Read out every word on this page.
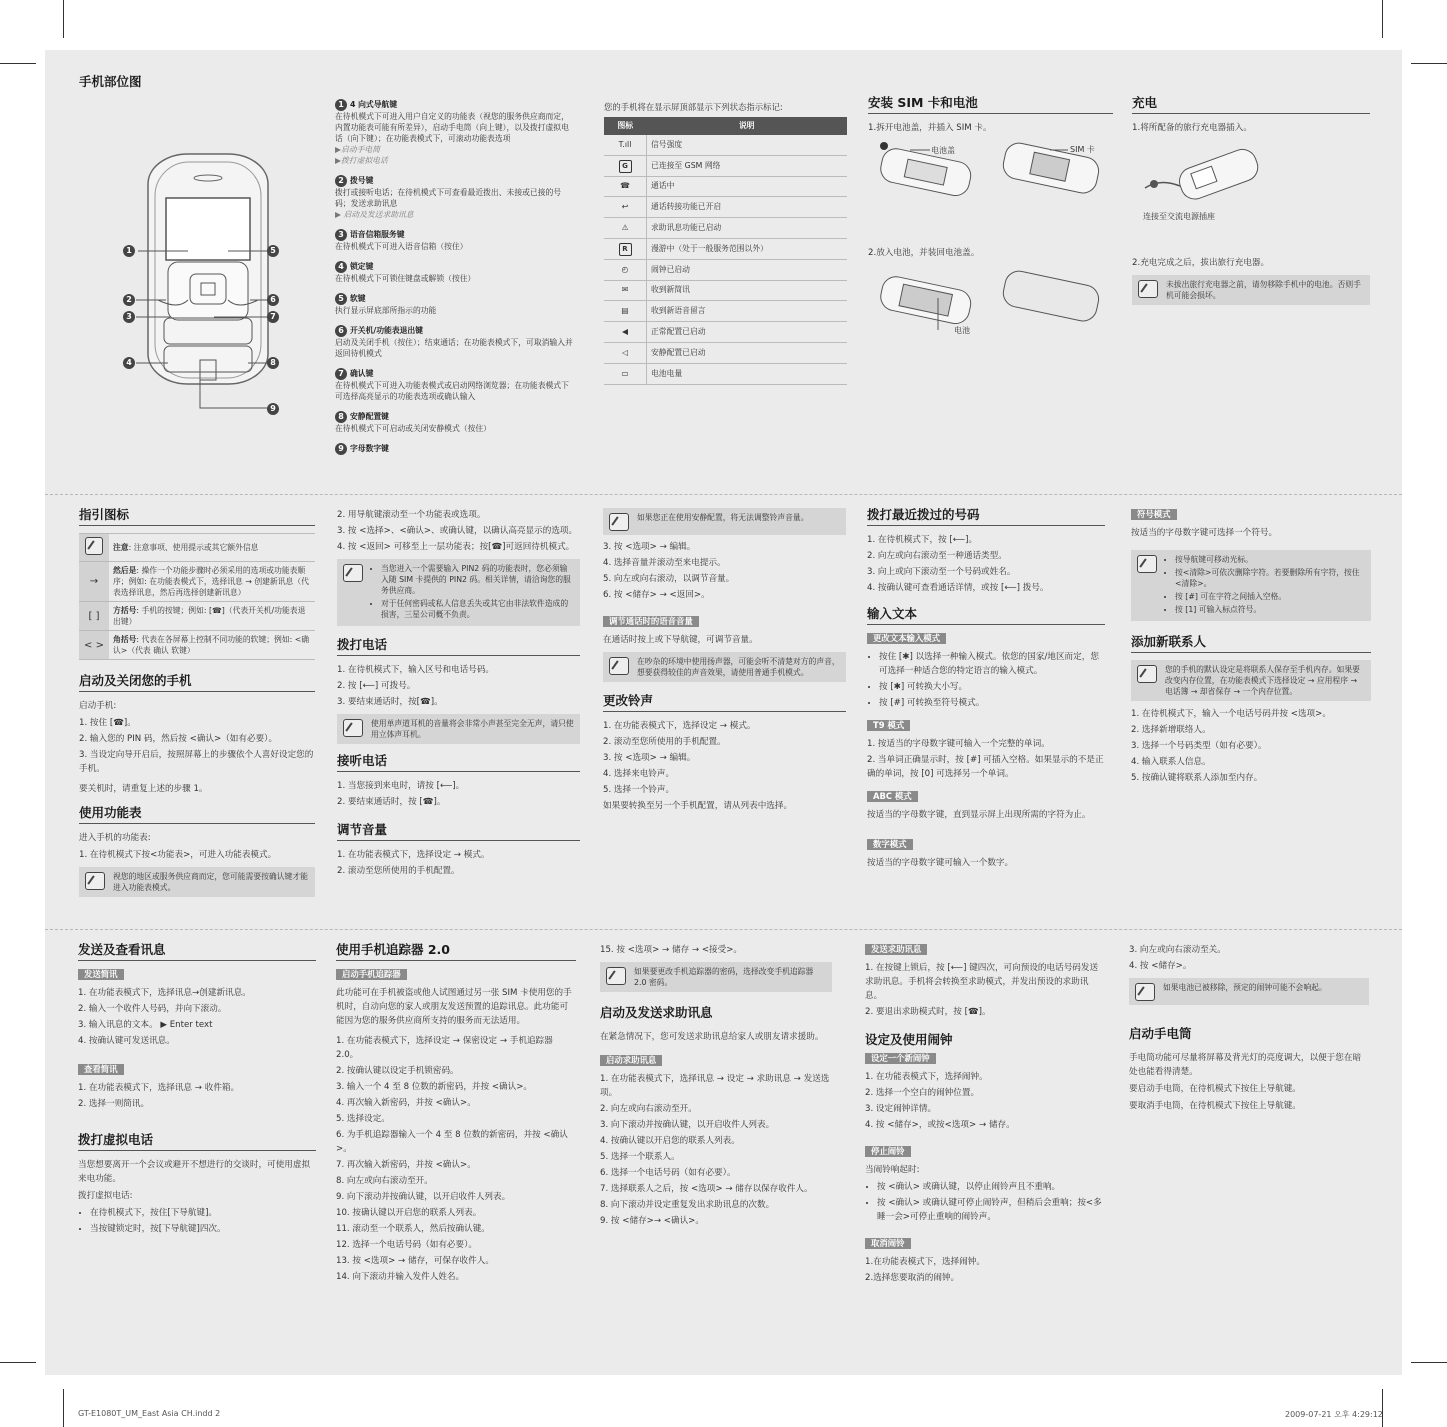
手机部位图
1
2
3
4
5
6
7
8
9
1 4 向式导航键
在待机模式下可进入用户自定义的功能表（视您的服务供应商而定，内置功能表可能有所差异），启动手电筒（向上键），以及拨打虚拟电话（向下键）；在功能表模式下，可滚动功能表选项
▶启动手电筒
▶拨打虚拟电话
2 拨号键
拨打或接听电话；在待机模式下可查看最近拨出、未接或已接的号码；发送求助讯息
▶ 启动及发送求助讯息
3 语音信箱服务键
在待机模式下可进入语音信箱（按住）
4 锁定键
在待机模式下可锁住键盘或解锁（按住）
5 软键
执行显示屏底部所指示的功能
6 开关机/功能表退出键
启动及关闭手机（按住）；结束通话；在功能表模式下，可取消输入并返回待机模式
7 确认键
在待机模式下可进入功能表模式或启动网络浏览器；在功能表模式下可选择高亮显示的功能表选项或确认输入
8 安静配置键
在待机模式下可启动或关闭安静模式（按住）
9 字母数字键
您的手机将在显示屏顶部显示下列状态指示标记:
图标	说明
T.ıll	信号强度
G	已连接至 GSM 网络
☎	通话中
↩	通话转接功能已开启
⚠	求助讯息功能已启动
R	漫游中（处于一般服务范围以外）
◴	闹钟已启动
✉	收到新简讯
▤	收到新语音留言
◀	正常配置已启动
◁	安静配置已启动
▭	电池电量
安装 SIM 卡和电池
1.拆开电池盖，并插入 SIM 卡。
电池盖	SIM 卡
2.放入电池，并装回电池盖。
电池
充电
1.将所配备的旅行充电器插入。
连接至交流电源插座
2.充电完成之后，拔出旅行充电器。
未拔出旅行充电器之前，请勿移除手机中的电池。否则手机可能会损坏。
指引图标
	注意: 注意事项、使用提示或其它额外信息
→	然后是: 操作一个功能步骤时必须采用的选项或功能表顺序；例如: 在功能表模式下，选择讯息 → 创建新讯息（代表选择讯息，然后再选择创建新讯息）
[ ]	方括号: 手机的按键；例如: [☎]（代表开关机/功能表退出键）
< >	角括号: 代表在各屏幕上控制不同功能的软键；例如: <确认>（代表 确认 软键）
启动及关闭您的手机
启动手机:
1. 按住 [☎]。
2. 输入您的 PIN 码，然后按 <确认>（如有必要）。
3. 当设定向导开启后，按照屏幕上的步骤依个人喜好设定您的手机。
要关机时，请重复上述的步骤 1。
使用功能表
进入手机的功能表:
1. 在待机模式下按<功能表>，可进入功能表模式。
视您的地区或服务供应商而定，您可能需要按确认键才能进入功能表模式。
2. 用导航键滚动至一个功能表或选项。
3. 按 <选择>、<确认>、或确认键，以确认高亮显示的选项。
4. 按 <返回> 可移至上一层功能表；按[☎]可返回待机模式。
• 当您进入一个需要输入 PIN2 码的功能表时，您必须输入随 SIM 卡提供的 PIN2 码。相关详情，请洽询您的服务供应商。
• 对于任何密码或私人信息丢失或其它由非法软件造成的损害，三星公司概不负责。
拨打电话
1. 在待机模式下，输入区号和电话号码。
2. 按 [⟵] 可拨号。
3. 要结束通话时，按[☎]。
使用单声道耳机的音量将会非常小声甚至完全无声，请只使用立体声耳机。
接听电话
1. 当您接到来电时，请按 [⟵]。
2. 要结束通话时，按 [☎]。
调节音量
1. 在功能表模式下，选择设定 → 模式。
2. 滚动至您所使用的手机配置。
如果您正在使用安静配置，将无法调整铃声音量。
3. 按 <选项> → 编辑。
4. 选择音量并滚动至来电提示。
5. 向左或向右滚动，以调节音量。
6. 按 <储存> → <返回>。
调节通话时的语音音量
在通话时按上或下导航键，可调节音量。
在吵杂的环境中使用扬声器，可能会听不清楚对方的声音，想要获得较佳的声音效果，请使用普通手机模式。
更改铃声
1. 在功能表模式下，选择设定 → 模式。
2. 滚动至您所使用的手机配置。
3. 按 <选项> → 编辑。
4. 选择来电铃声。
5. 选择一个铃声。
如果要转换至另一个手机配置，请从列表中选择。
拨打最近拨过的号码
1. 在待机模式下，按 [⟵]。
2. 向左或向右滚动至一种通话类型。
3. 向上或向下滚动至一个号码或姓名。
4. 按确认键可查看通话详情，或按 [⟵] 拨号。
输入文本
更改文本输入模式
• 按住 [✱] 以选择一种输入模式。依您的国家/地区而定，您可选择一种适合您的特定语言的输入模式。
• 按 [✱] 可转换大小写。
• 按 [#] 可转换至符号模式。
T9 模式
1. 按适当的字母数字键可输入一个完整的单词。
2. 当单词正确显示时，按 [#] 可插入空格。如果显示的不是正确的单词，按 [0] 可选择另一个单词。
ABC 模式
按适当的字母数字键，直到显示屏上出现所需的字符为止。
数字模式
按适当的字母数字键可输入一个数字。
符号模式
按适当的字母数字键可选择一个符号。
• 按导航键可移动光标。
• 按<清除>可依次删除字符。若要删除所有字符，按住<清除>。
• 按 [#] 可在字符之间插入空格。
• 按 [1] 可输入标点符号。
添加新联系人
您的手机的默认设定是将联系人保存至手机内存。如果要改变内存位置，在功能表模式下选择设定 → 应用程序 → 电话簿 → 却省保存 → 一个内存位置。
1. 在待机模式下，输入一个电话号码并按 <选项>。
2. 选择新增联络人。
3. 选择一个号码类型（如有必要）。
4. 输入联系人信息。
5. 按确认键将联系人添加至内存。
发送及查看讯息
发送简讯
1. 在功能表模式下，选择讯息→创建新讯息。
2. 输入一个收件人号码，并向下滚动。
3. 输入讯息的文本。 ▶ Enter text
4. 按确认键可发送讯息。
查看简讯
1. 在功能表模式下，选择讯息 → 收件箱。
2. 选择一则简讯。
拨打虚拟电话
当您想要离开一个会议或避开不想进行的交谈时，可使用虚拟来电功能。
拨打虚拟电话:
• 在待机模式下，按住[下导航键]。
• 当按键锁定时，按[下导航键]四次。
使用手机追踪器 2.0
启动手机追踪器
此功能可在手机被盗或他人试图通过另一张 SIM 卡使用您的手机时，自动向您的家人或朋友发送预置的追踪讯息。此功能可能因为您的服务供应商所支持的服务而无法适用。
1. 在功能表模式下，选择设定 → 保密设定 → 手机追踪器 2.0。
2. 按确认键以设定手机锁密码。
3. 输入一个 4 至 8 位数的新密码，并按 <确认>。
4. 再次输入新密码，并按 <确认>。
5. 选择设定。
6. 为手机追踪器输入一个 4 至 8 位数的新密码，并按 <确认>。
7. 再次输入新密码，并按 <确认>。
8. 向左或向右滚动至开。
9. 向下滚动并按确认键，以开启收件人列表。
10. 按确认键以开启您的联系人列表。
11. 滚动至一个联系人，然后按确认键。
12. 选择一个电话号码（如有必要）。
13. 按 <选项> → 储存，可保存收件人。
14. 向下滚动并输入发件人姓名。
15. 按 <选项> → 储存 → <接受>。
如果要更改手机追踪器的密码，选择改变手机追踪器 2.0 密码。
启动及发送求助讯息
在紧急情况下，您可发送求助讯息给家人或朋友请求援助。
启动求助讯息
1. 在功能表模式下，选择讯息 → 设定 → 求助讯息 → 发送选项。
2. 向左或向右滚动至开。
3. 向下滚动并按确认键，以开启收件人列表。
4. 按确认键以开启您的联系人列表。
5. 选择一个联系人。
6. 选择一个电话号码（如有必要）。
7. 选择联系人之后，按 <选项> → 储存以保存收件人。
8. 向下滚动并设定重复发出求助讯息的次数。
9. 按 <储存>→ <确认>。
发送求助讯息
1. 在按键上锁后，按 [⟵] 键四次，可向预设的电话号码发送求助讯息。手机将会转换至求助模式，并发出预设的求助讯息。
2. 要退出求助模式时，按 [☎]。
设定及使用闹钟
设定一个新闹钟
1. 在功能表模式下，选择闹钟。
2. 选择一个空白的闹钟位置。
3. 设定闹钟详情。
4. 按 <储存>，或按<选项> → 储存。
停止闹铃
当闹铃响起时:
• 按 <确认> 或确认键，以停止闹铃声且不重响。
• 按 <确认> 或确认键可停止闹铃声，但稍后会重响；按<多睡一会>可停止重响的闹铃声。
取消闹铃
1.在功能表模式下，选择闹钟。
2.选择您要取消的闹钟。
3. 向左或向右滚动至关。
4. 按 <储存>。
如果电池已被移除，预定的闹钟可能不会响起。
启动手电筒
手电筒功能可尽量将屏幕及背光灯的亮度调大，以便于您在暗处也能看得清楚。
要启动手电筒，在待机模式下按住上导航键。
要取消手电筒，在待机模式下按住上导航键。
GT-E1080T_UM_East Asia CH.indd 2	2009-07-21 오후 4:29:12
